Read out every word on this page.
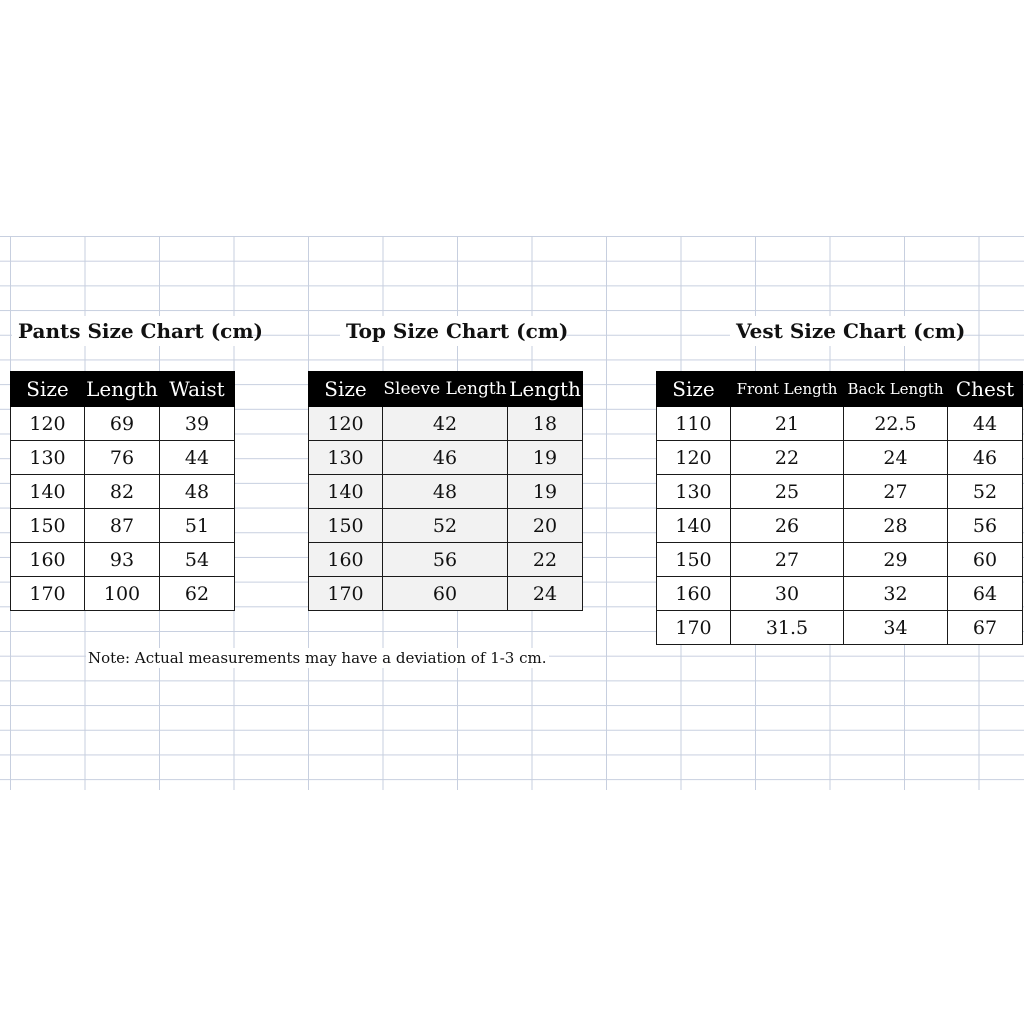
Pants Size Chart (cm)	Top Size Chart (cm)	Vest Size Chart (cm)
Size	Length	Waist
120	69	39
130	76	44
140	82	48
150	87	51
160	93	54
170	100	62
Size	Sleeve Length	Length
120	42	18
130	46	19
140	48	19
150	52	20
160	56	22
170	60	24
Size	Front Length	Back Length	Chest
110	21	22.5	44
120	22	24	46
130	25	27	52
140	26	28	56
150	27	29	60
160	30	32	64
170	31.5	34	67
Note: Actual measurements may have a deviation of 1-3 cm.
